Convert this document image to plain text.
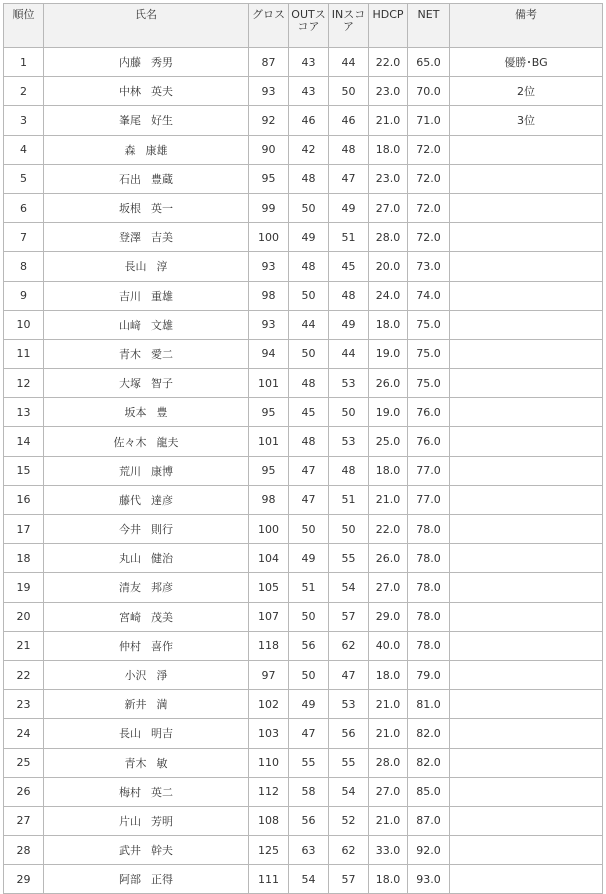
順位	氏名	グロス	OUTスコア	INスコア	HDCP	NET	備考
1	内藤 秀男	87	43	44	22.0	65.0	優勝･BG
2	中林 英夫	93	43	50	23.0	70.0	2位
3	峯尾 好生	92	46	46	21.0	71.0	3位
4	森 康雄	90	42	48	18.0	72.0	
5	石出 豊蔵	95	48	47	23.0	72.0	
6	坂根 英一	99	50	49	27.0	72.0	
7	登澤 吉美	100	49	51	28.0	72.0	
8	長山 淳	93	48	45	20.0	73.0	
9	吉川 重雄	98	50	48	24.0	74.0	
10	山﨑 文雄	93	44	49	18.0	75.0	
11	青木 愛二	94	50	44	19.0	75.0	
12	大塚 智子	101	48	53	26.0	75.0	
13	坂本 豊	95	45	50	19.0	76.0	
14	佐々木 龍夫	101	48	53	25.0	76.0	
15	荒川 康博	95	47	48	18.0	77.0	
16	藤代 達彦	98	47	51	21.0	77.0	
17	今井 則行	100	50	50	22.0	78.0	
18	丸山 健治	104	49	55	26.0	78.0	
19	清友 邦彦	105	51	54	27.0	78.0	
20	宮崎 茂美	107	50	57	29.0	78.0	
21	仲村 喜作	118	56	62	40.0	78.0	
22	小沢 淨	97	50	47	18.0	79.0	
23	新井 満	102	49	53	21.0	81.0	
24	長山 明吉	103	47	56	21.0	82.0	
25	青木 敏	110	55	55	28.0	82.0	
26	梅村 英二	112	58	54	27.0	85.0	
27	片山 芳明	108	56	52	21.0	87.0	
28	武井 幹夫	125	63	62	33.0	92.0	
29	阿部 正得	111	54	57	18.0	93.0	
